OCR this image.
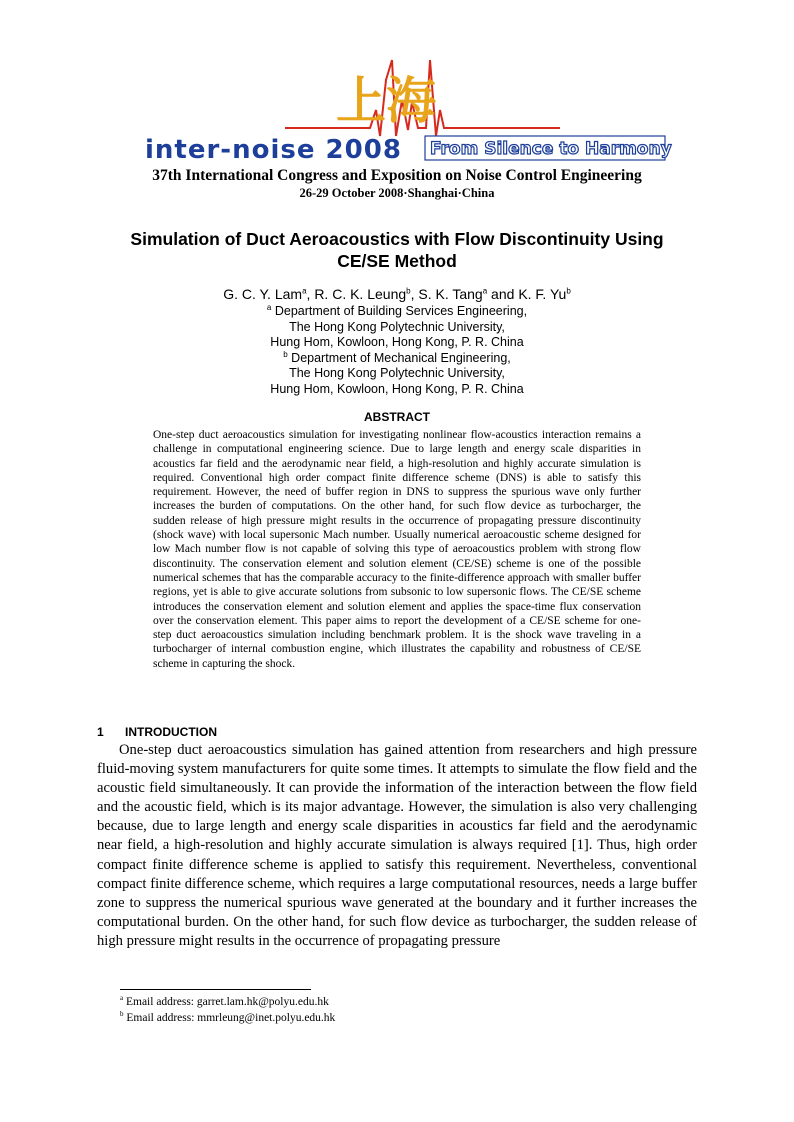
上海
inter-noise 2008 From Silence to Harmony
37th International Congress and Exposition on Noise Control Engineering
26-29 October 2008·Shanghai·China
Simulation of Duct Aeroacoustics with Flow Discontinuity Using
CE/SE Method
G. C. Y. Lam$^a$, R. C. K. Leung$^b$, S. K. Tang$^a$ and K. F. Yu$^b$
$^a$ Department of Building Services Engineering,
The Hong Kong Polytechnic University,
Hung Hom, Kowloon, Hong Kong, P. R. China
$^b$ Department of Mechanical Engineering,
The Hong Kong Polytechnic University,
Hung Hom, Kowloon, Hong Kong, P. R. China
ABSTRACT
One-step duct aeroacoustics simulation for investigating nonlinear flow-acoustics interaction remains a challenge in computational engineering science. Due to large length and energy scale disparities in acoustics far field and the aerodynamic near field, a high-resolution and highly accurate simulation is required. Conventional high order compact finite difference scheme (DNS) is able to satisfy this requirement. However, the need of buffer region in DNS to suppress the spurious wave only further increases the burden of computations. On the other hand, for such flow device as turbocharger, the sudden release of high pressure might results in the occurrence of propagating pressure discontinuity (shock wave) with local supersonic Mach number. Usually numerical aeroacoustic scheme designed for low Mach number flow is not capable of solving this type of aeroacoustics problem with strong flow discontinuity. The conservation element and solution element (CE/SE) scheme is one of the possible numerical schemes that has the comparable accuracy to the finite-difference approach with smaller buffer regions, yet is able to give accurate solutions from subsonic to low supersonic flows. The CE/SE scheme introduces the conservation element and solution element and applies the space-time flux conservation over the conservation element. This paper aims to report the development of a CE/SE scheme for one-step duct aeroacoustics simulation including benchmark problem. It is the shock wave traveling in a turbocharger of internal combustion engine, which illustrates the capability and robustness of CE/SE scheme in capturing the shock.
1 INTRODUCTION
One-step duct aeroacoustics simulation has gained attention from researchers and high pressure fluid-moving system manufacturers for quite some times. It attempts to simulate the flow field and the acoustic field simultaneously. It can provide the information of the interaction between the flow field and the acoustic field, which is its major advantage. However, the simulation is also very challenging because, due to large length and energy scale disparities in acoustics far field and the aerodynamic near field, a high-resolution and highly accurate simulation is always required [1]. Thus, high order compact finite difference scheme is applied to satisfy this requirement. Nevertheless, conventional compact finite difference scheme, which requires a large computational resources, needs a large buffer zone to suppress the numerical spurious wave generated at the boundary and it further increases the computational burden. On the other hand, for such flow device as turbocharger, the sudden release of high pressure might results in the occurrence of propagating pressure
$^a$ Email address: garret.lam.hk@polyu.edu.hk
$^b$ Email address: mmrleung@inet.polyu.edu.hk
